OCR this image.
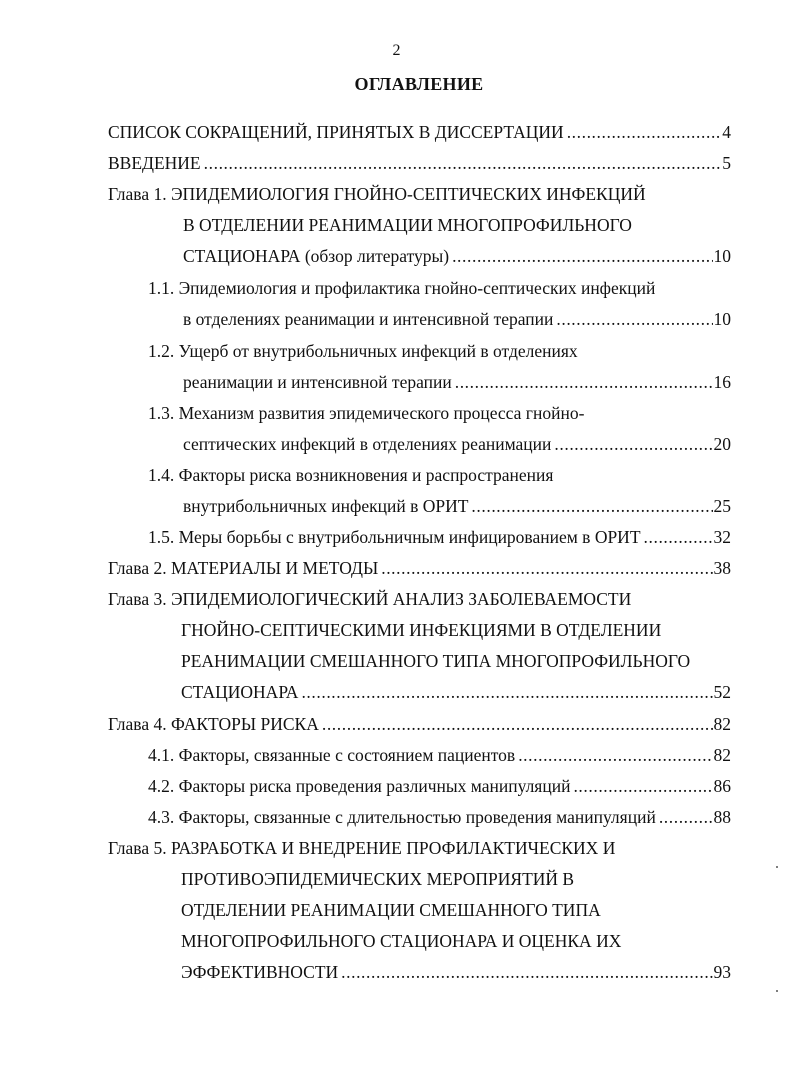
2
ОГЛАВЛЕНИЕ
СПИСОК СОКРАЩЕНИЙ, ПРИНЯТЫХ В ДИССЕРТАЦИИ .....	4
ВВЕДЕНИЕ .....	5
Глава 1. ЭПИДЕМИОЛОГИЯ ГНОЙНО-СЕПТИЧЕСКИХ ИНФЕКЦИЙ
В ОТДЕЛЕНИИ РЕАНИМАЦИИ МНОГОПРОФИЛЬНОГО
СТАЦИОНАРА (обзор литературы) .....	10
1.1. Эпидемиология и профилактика гнойно-септических инфекций
в отделениях реанимации и интенсивной терапии .....	10
1.2. Ущерб от внутрибольничных инфекций в отделениях
реанимации и интенсивной терапии .....	16
1.3. Механизм развития эпидемического процесса гнойно-
септических инфекций в отделениях реанимации .....	20
1.4. Факторы риска возникновения и распространения
внутрибольничных инфекций в ОРИТ .....	25
1.5. Меры борьбы с внутрибольничным инфицированием в ОРИТ .....	32
Глава 2. МАТЕРИАЛЫ И МЕТОДЫ .....	38
Глава 3. ЭПИДЕМИОЛОГИЧЕСКИЙ АНАЛИЗ ЗАБОЛЕВАЕМОСТИ
ГНОЙНО-СЕПТИЧЕСКИМИ ИНФЕКЦИЯМИ В ОТДЕЛЕНИИ
РЕАНИМАЦИИ СМЕШАННОГО ТИПА МНОГОПРОФИЛЬНОГО
СТАЦИОНАРА .....	52
Глава 4. ФАКТОРЫ РИСКА .....	82
4.1. Факторы, связанные с состоянием пациентов .....	82
4.2. Факторы риска проведения различных манипуляций .....	86
4.3. Факторы, связанные с длительностью проведения манипуляций .....	88
Глава 5. РАЗРАБОТКА И ВНЕДРЕНИЕ ПРОФИЛАКТИЧЕСКИХ И
ПРОТИВОЭПИДЕМИЧЕСКИХ МЕРОПРИЯТИЙ В
ОТДЕЛЕНИИ РЕАНИМАЦИИ СМЕШАННОГО ТИПА
МНОГОПРОФИЛЬНОГО СТАЦИОНАРА И ОЦЕНКА ИХ
ЭФФЕКТИВНОСТИ .....	93
